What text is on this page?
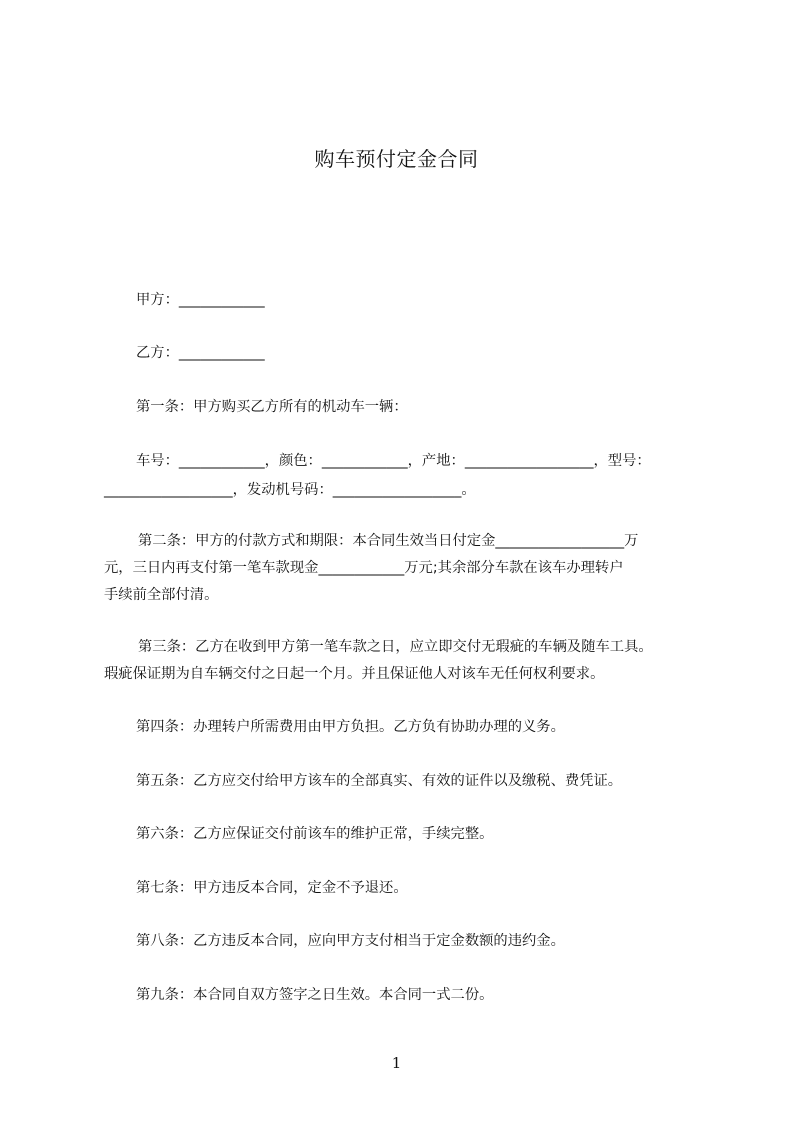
购车预付定金合同
甲方：____________
乙方：____________
第一条：甲方购买乙方所有的机动车一辆：
车号：____________，颜色：____________，产地：__________________，型号：
__________________，发动机号码：__________________。
第二条：甲方的付款方式和期限：本合同生效当日付定金__________________万
元，三日内再支付第一笔车款现金____________万元;其余部分车款在该车办理转户
手续前全部付清。
第三条：乙方在收到甲方第一笔车款之日，应立即交付无瑕疵的车辆及随车工具。
瑕疵保证期为自车辆交付之日起一个月。并且保证他人对该车无任何权利要求。
第四条：办理转户所需费用由甲方负担。乙方负有协助办理的义务。
第五条：乙方应交付给甲方该车的全部真实、有效的证件以及缴税、费凭证。
第六条：乙方应保证交付前该车的维护正常，手续完整。
第七条：甲方违反本合同，定金不予退还。
第八条：乙方违反本合同，应向甲方支付相当于定金数额的违约金。
第九条：本合同自双方签字之日生效。本合同一式二份。
1
